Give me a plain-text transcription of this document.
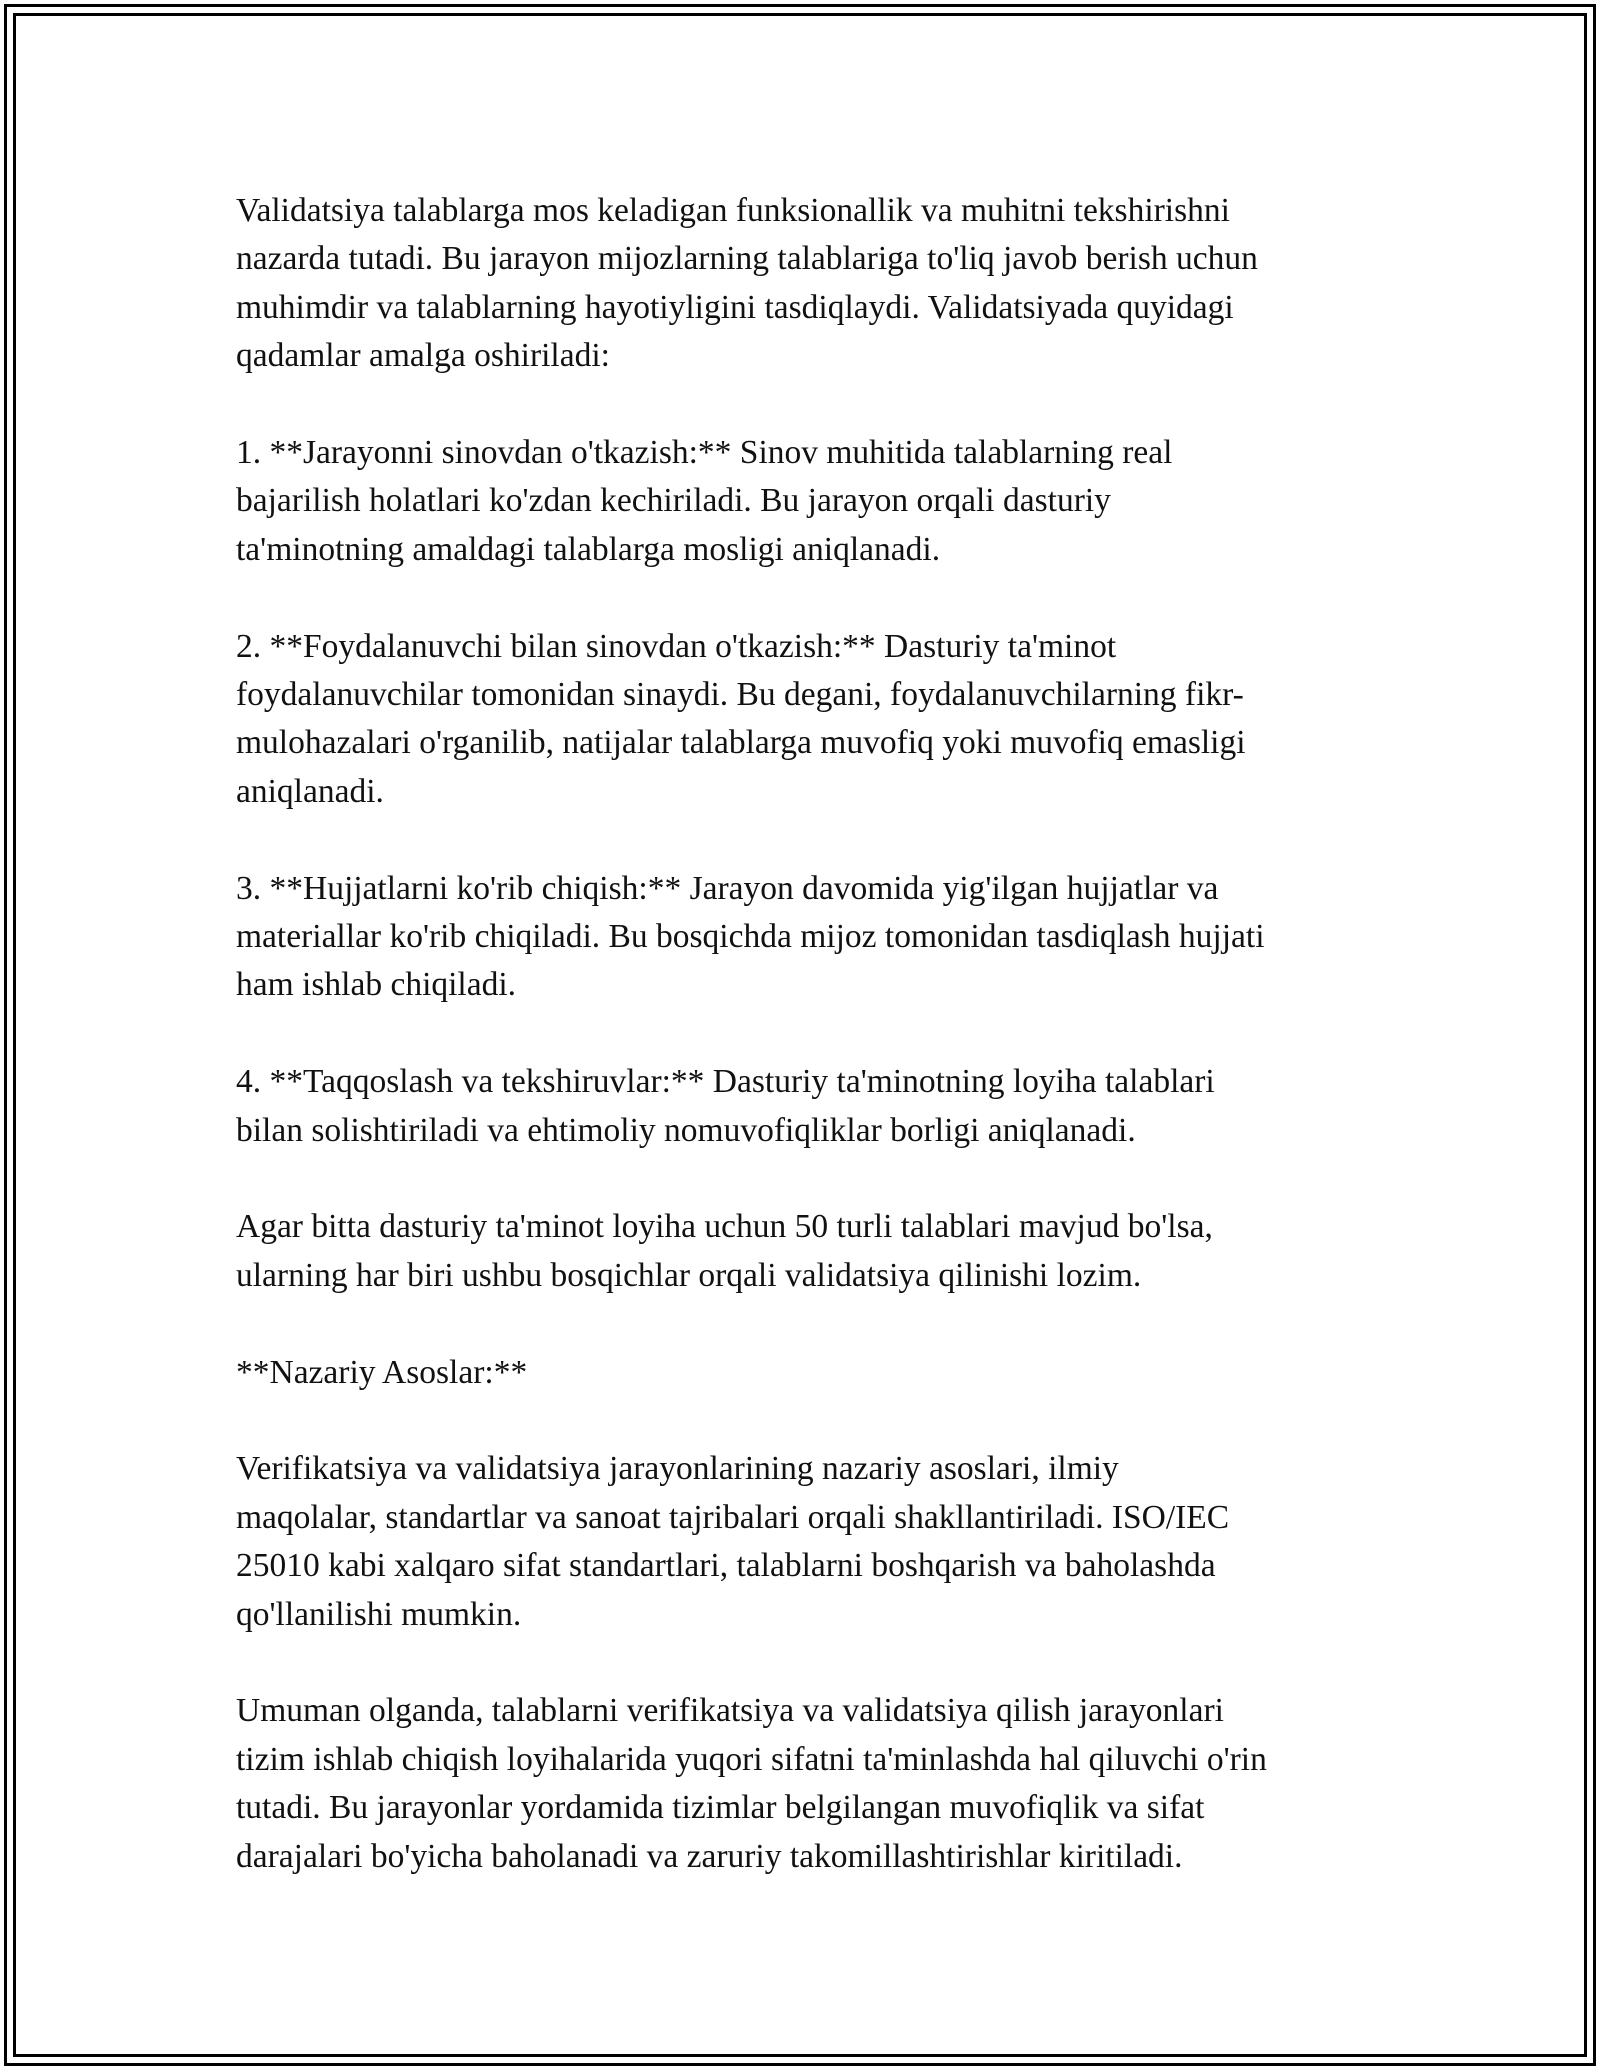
Validatsiya talablarga mos keladigan funksionallik va muhitni tekshirishni
nazarda tutadi. Bu jarayon mijozlarning talablariga to'liq javob berish uchun
muhimdir va talablarning hayotiyligini tasdiqlaydi. Validatsiyada quyidagi
qadamlar amalga oshiriladi:

1. **Jarayonni sinovdan o'tkazish:** Sinov muhitida talablarning real
bajarilish holatlari ko'zdan kechiriladi. Bu jarayon orqali dasturiy
ta'minotning amaldagi talablarga mosligi aniqlanadi.

2. **Foydalanuvchi bilan sinovdan o'tkazish:** Dasturiy ta'minot
foydalanuvchilar tomonidan sinaydi. Bu degani, foydalanuvchilarning fikr-
mulohazalari o'rganilib, natijalar talablarga muvofiq yoki muvofiq emasligi
aniqlanadi.

3. **Hujjatlarni ko'rib chiqish:** Jarayon davomida yig'ilgan hujjatlar va
materiallar ko'rib chiqiladi. Bu bosqichda mijoz tomonidan tasdiqlash hujjati
ham ishlab chiqiladi.

4. **Taqqoslash va tekshiruvlar:** Dasturiy ta'minotning loyiha talablari
bilan solishtiriladi va ehtimoliy nomuvofiqliklar borligi aniqlanadi.

Agar bitta dasturiy ta'minot loyiha uchun 50 turli talablari mavjud bo'lsa,
ularning har biri ushbu bosqichlar orqali validatsiya qilinishi lozim.

**Nazariy Asoslar:**

Verifikatsiya va validatsiya jarayonlarining nazariy asoslari, ilmiy
maqolalar, standartlar va sanoat tajribalari orqali shakllantiriladi. ISO/IEC
25010 kabi xalqaro sifat standartlari, talablarni boshqarish va baholashda
qo'llanilishi mumkin.

Umuman olganda, talablarni verifikatsiya va validatsiya qilish jarayonlari
tizim ishlab chiqish loyihalarida yuqori sifatni ta'minlashda hal qiluvchi o'rin
tutadi. Bu jarayonlar yordamida tizimlar belgilangan muvofiqlik va sifat
darajalari bo'yicha baholanadi va zaruriy takomillashtirishlar kiritiladi.
